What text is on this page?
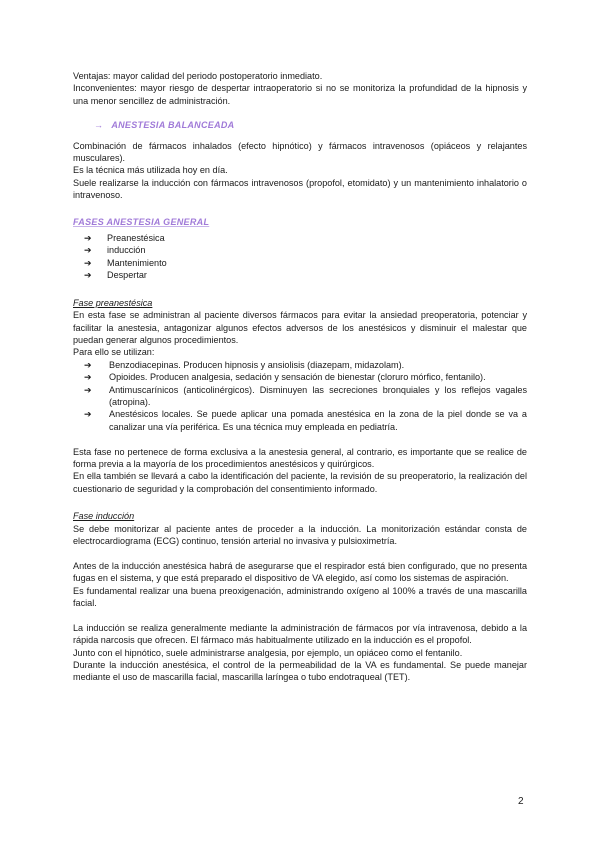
Ventajas: mayor calidad del periodo postoperatorio inmediato.

Inconvenientes: mayor riesgo de despertar intraoperatorio si no se monitoriza la profundidad de la hipnosis y una menor sencillez de administración.

→ ANESTESIA BALANCEADA

Combinación de fármacos inhalados (efecto hipnótico) y fármacos intravenosos (opiáceos y relajantes musculares).

Es la técnica más utilizada hoy en día.

Suele realizarse la inducción con fármacos intravenosos (propofol, etomidato) y un mantenimiento inhalatorio o intravenoso.

FASES ANESTESIA GENERAL
➔ Preanestésica
➔ inducción
➔ Mantenimiento
➔ Despertar

Fase preanestésica

En esta fase se administran al paciente diversos fármacos para evitar la ansiedad preoperatoria, potenciar y facilitar la anestesia, antagonizar algunos efectos adversos de los anestésicos y disminuir el malestar que puedan generar algunos procedimientos.

Para ello se utilizan:

➔ Benzodiacepinas. Producen hipnosis y ansiolisis (diazepam, midazolam).
➔ Opioides. Producen analgesia, sedación y sensación de bienestar (cloruro mórfico, fentanilo).
➔ Antimuscarínicos (anticolinérgicos). Disminuyen las secreciones bronquiales y los reflejos vagales (atropina).
➔ Anestésicos locales. Se puede aplicar una pomada anestésica en la zona de la piel donde se va a canalizar una vía periférica. Es una técnica muy empleada en pediatría.

Esta fase no pertenece de forma exclusiva a la anestesia general, al contrario, es importante que se realice de forma previa a la mayoría de los procedimientos anestésicos y quirúrgicos.

En ella también se llevará a cabo la identificación del paciente, la revisión de su preoperatorio, la realización del cuestionario de seguridad y la comprobación del consentimiento informado.

Fase inducción

Se debe monitorizar al paciente antes de proceder a la inducción. La monitorización estándar consta de electrocardiograma (ECG) continuo, tensión arterial no invasiva y pulsioximetría.

Antes de la inducción anestésica habrá de asegurarse que el respirador está bien configurado, que no presenta fugas en el sistema, y que está preparado el dispositivo de VA elegido, así como los sistemas de aspiración.

Es fundamental realizar una buena preoxigenación, administrando oxígeno al 100% a través de una mascarilla facial.

La inducción se realiza generalmente mediante la administración de fármacos por vía intravenosa, debido a la rápida narcosis que ofrecen. El fármaco más habitualmente utilizado en la inducción es el propofol.

Junto con el hipnótico, suele administrarse analgesia, por ejemplo, un opiáceo como el fentanilo.

Durante la inducción anestésica, el control de la permeabilidad de la VA es fundamental. Se puede manejar mediante el uso de mascarilla facial, mascarilla laríngea o tubo endotraqueal (TET).

2
